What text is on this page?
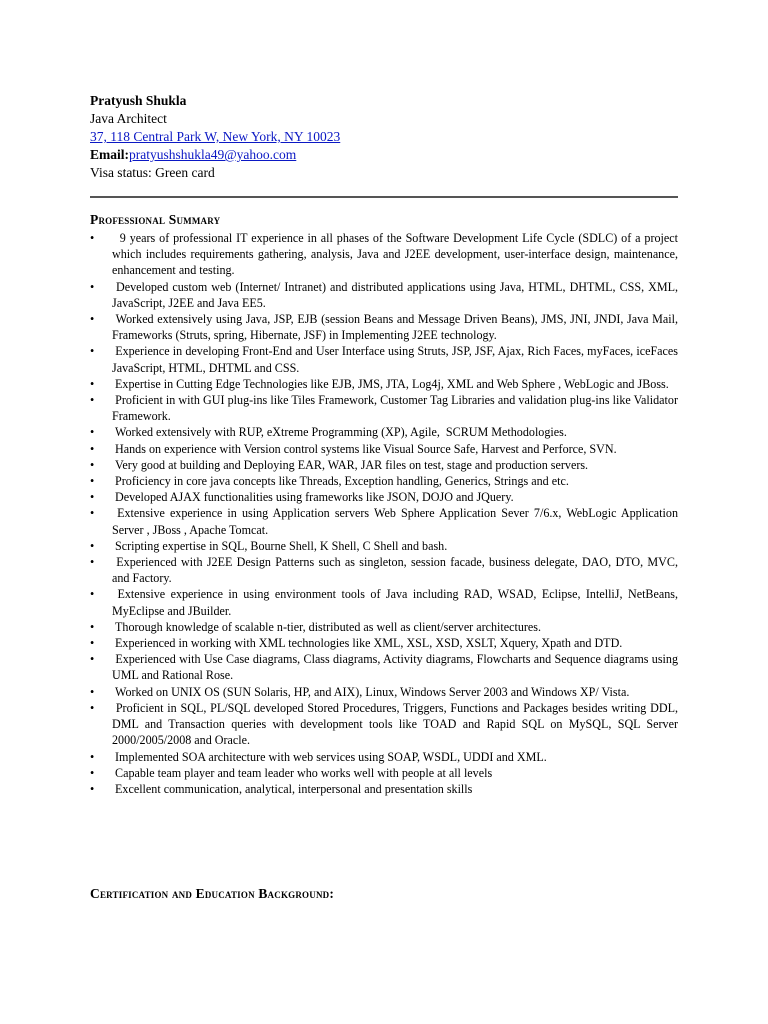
Pratyush Shukla
Java Architect
37, 118 Central Park W, New York, NY 10023
Email:pratyushshukla49@yahoo.com
Visa status: Green card
Professional Summary
• 9 years of professional IT experience in all phases of the Software Development Life Cycle (SDLC) of a project which includes requirements gathering, analysis, Java and J2EE development, user-interface design, maintenance, enhancement and testing.
• Developed custom web (Internet/ Intranet) and distributed applications using Java, HTML, DHTML, CSS, XML, JavaScript, J2EE and Java EE5.
• Worked extensively using Java, JSP, EJB (session Beans and Message Driven Beans), JMS, JNI, JNDI, Java Mail, Frameworks (Struts, spring, Hibernate, JSF) in Implementing J2EE technology.
• Experience in developing Front-End and User Interface using Struts, JSP, JSF, Ajax, Rich Faces, myFaces, iceFaces JavaScript, HTML, DHTML and CSS.
• Expertise in Cutting Edge Technologies like EJB, JMS, JTA, Log4j, XML and Web Sphere , WebLogic and JBoss.
• Proficient in with GUI plug-ins like Tiles Framework, Customer Tag Libraries and validation plug-ins like Validator Framework.
• Worked extensively with RUP, eXtreme Programming (XP), Agile,  SCRUM Methodologies.
• Hands on experience with Version control systems like Visual Source Safe, Harvest and Perforce, SVN.
• Very good at building and Deploying EAR, WAR, JAR files on test, stage and production servers.
• Proficiency in core java concepts like Threads, Exception handling, Generics, Strings and etc.
• Developed AJAX functionalities using frameworks like JSON, DOJO and JQuery.
• Extensive experience in using Application servers Web Sphere Application Sever 7/6.x, WebLogic Application Server , JBoss , Apache Tomcat.
• Scripting expertise in SQL, Bourne Shell, K Shell, C Shell and bash.
• Experienced with J2EE Design Patterns such as singleton, session facade, business delegate, DAO, DTO, MVC, and Factory.
• Extensive experience in using environment tools of Java including RAD, WSAD, Eclipse, IntelliJ, NetBeans, MyEclipse and JBuilder.
• Thorough knowledge of scalable n-tier, distributed as well as client/server architectures.
• Experienced in working with XML technologies like XML, XSL, XSD, XSLT, Xquery, Xpath and DTD.
• Experienced with Use Case diagrams, Class diagrams, Activity diagrams, Flowcharts and Sequence diagrams using UML and Rational Rose.
• Worked on UNIX OS (SUN Solaris, HP, and AIX), Linux, Windows Server 2003 and Windows XP/ Vista.
• Proficient in SQL, PL/SQL developed Stored Procedures, Triggers, Functions and Packages besides writing DDL, DML and Transaction queries with development tools like TOAD and Rapid SQL on MySQL, SQL Server 2000/2005/2008 and Oracle.
• Implemented SOA architecture with web services using SOAP, WSDL, UDDI and XML.
• Capable team player and team leader who works well with people at all levels
• Excellent communication, analytical, interpersonal and presentation skills
Certification and Education Background:
